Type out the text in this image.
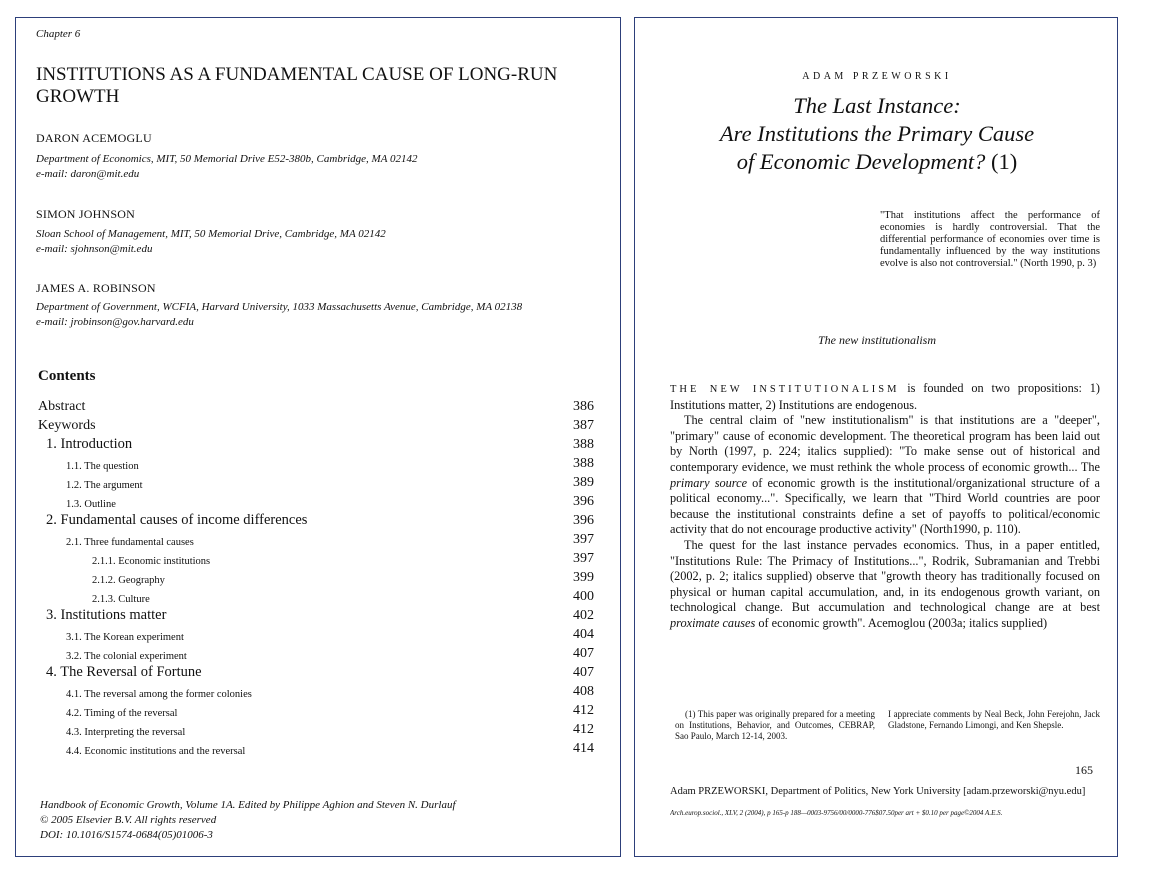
Chapter 6
INSTITUTIONS AS A FUNDAMENTAL CAUSE OF LONG-RUN GROWTH
DARON ACEMOGLU
Department of Economics, MIT, 50 Memorial Drive E52-380b, Cambridge, MA 02142
e-mail: daron@mit.edu
SIMON JOHNSON
Sloan School of Management, MIT, 50 Memorial Drive, Cambridge, MA 02142
e-mail: sjohnson@mit.edu
JAMES A. ROBINSON
Department of Government, WCFIA, Harvard University, 1033 Massachusetts Avenue, Cambridge, MA 02138
e-mail: jrobinson@gov.harvard.edu
Contents
Abstract	386
Keywords	387
1. Introduction	388
1.1. The question	388
1.2. The argument	389
1.3. Outline	396
2. Fundamental causes of income differences	396
2.1. Three fundamental causes	397
2.1.1. Economic institutions	397
2.1.2. Geography	399
2.1.3. Culture	400
3. Institutions matter	402
3.1. The Korean experiment	404
3.2. The colonial experiment	407
4. The Reversal of Fortune	407
4.1. The reversal among the former colonies	408
4.2. Timing of the reversal	412
4.3. Interpreting the reversal	412
4.4. Economic institutions and the reversal	414
Handbook of Economic Growth, Volume 1A. Edited by Philippe Aghion and Steven N. Durlauf
© 2005 Elsevier B.V. All rights reserved
DOI: 10.1016/S1574-0684(05)01006-3
ADAM PRZEWORSKI
The Last Instance:
Are Institutions the Primary Cause
of Economic Development? (1)
"That institutions affect the performance of economies is hardly controversial. That the differential performance of economies over time is fundamentally influenced by the way institutions evolve is also not controversial." (North 1990, p. 3)
The new institutionalism

THE NEW INSTITUTIONALISM is founded on two propositions: 1) Institutions matter, 2) Institutions are endogenous.

The central claim of "new institutionalism" is that institutions are a "deeper", "primary" cause of economic development. The theoretical program has been laid out by North (1997, p. 224; italics supplied): "To make sense out of historical and contemporary evidence, we must rethink the whole process of economic growth... The primary source of economic growth is the institutional/organizational structure of a political economy...". Specifically, we learn that "Third World countries are poor because the institutional constraints define a set of payoffs to political/economic activity that do not encourage productive activity" (North1990, p. 110).

The quest for the last instance pervades economics. Thus, in a paper entitled, "Institutions Rule: The Primacy of Institutions...", Rodrik, Subramanian and Trebbi (2002, p. 2; italics supplied) observe that "growth theory has traditionally focused on physical or human capital accumulation, and, in its endogenous growth variant, on technological change. But accumulation and technological change are at best proximate causes of economic growth". Acemoglou (2003a; italics supplied)

(1) This paper was originally prepared for a meeting on Institutions, Behavior, and Outcomes, CEBRAP, Sao Paulo, March 12-14, 2003.
I appreciate comments by Neal Beck, John Ferejohn, Jack Gladstone, Fernando Limongi, and Ken Shepsle.
165
Adam PRZEWORSKI, Department of Politics, New York University [adam.przeworski@nyu.edu]
Arch.europ.sociol., XLV, 2 (2004), p 165-p 188—0003-9756/00/0000-776$07.50per art + $0.10 per page©2004 A.E.S.
